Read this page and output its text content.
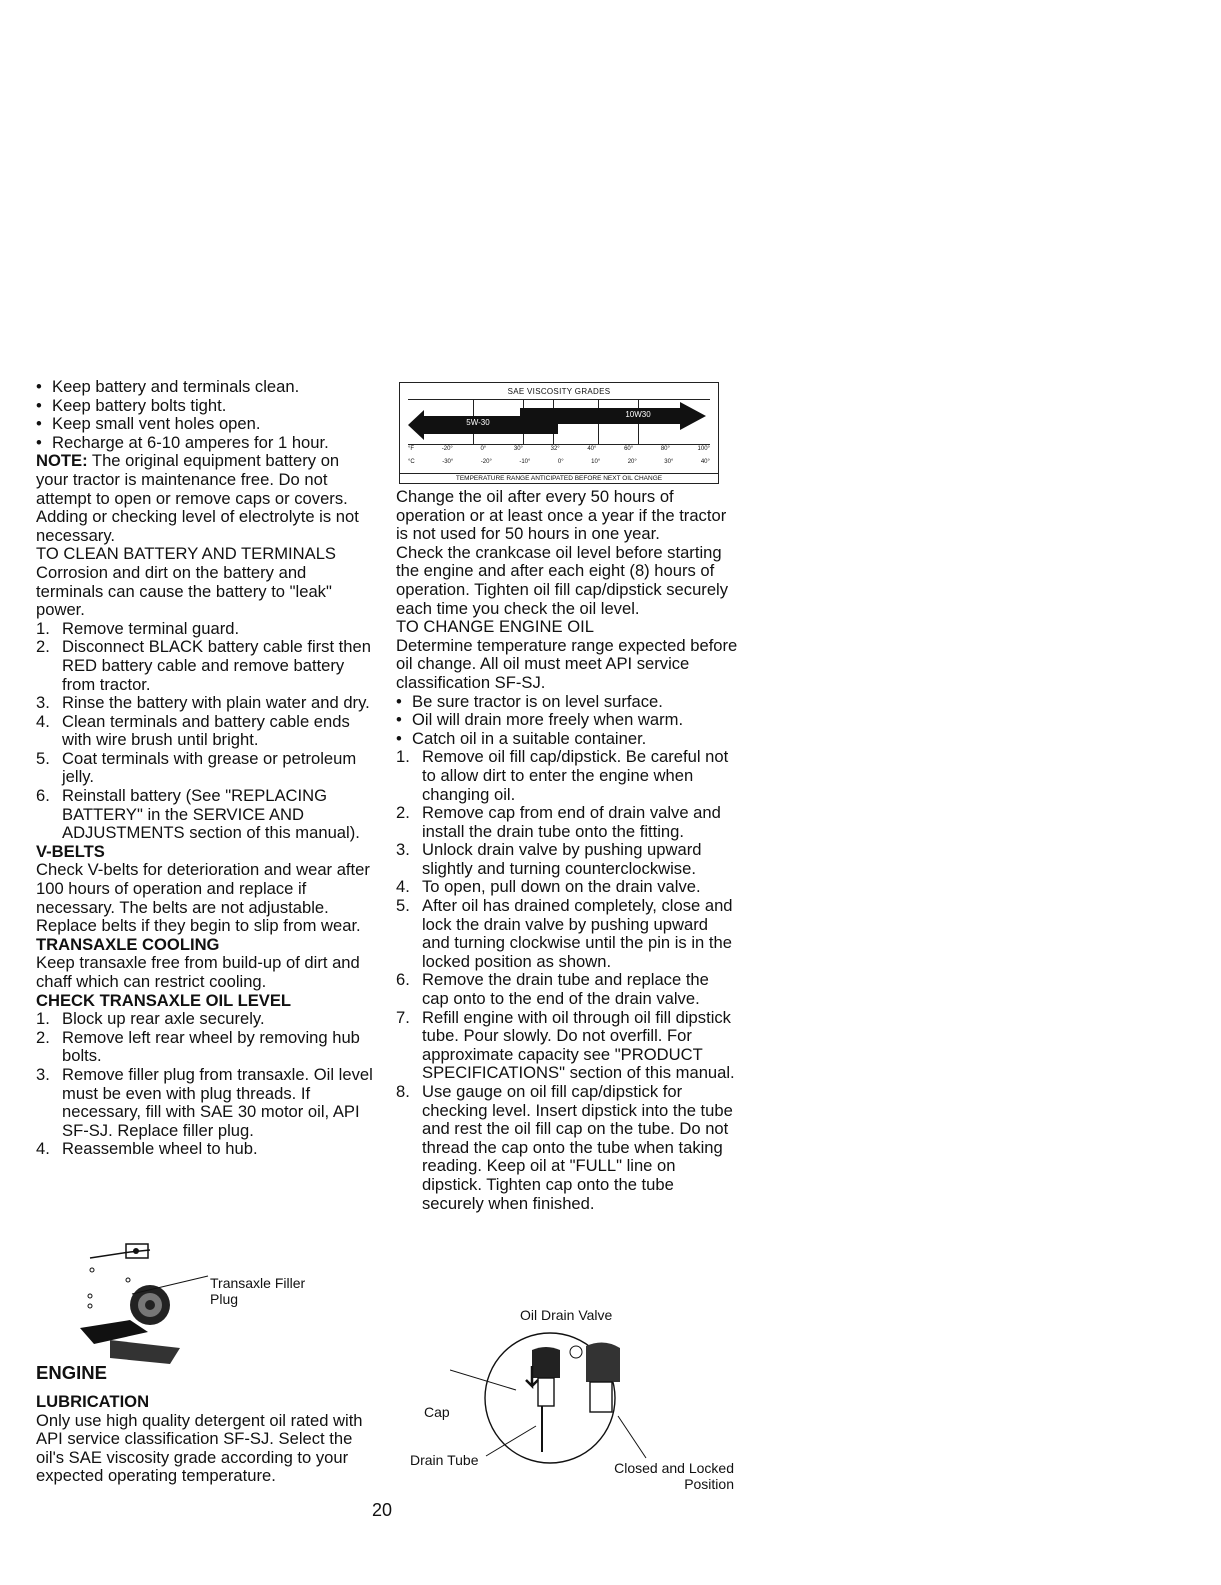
• Keep battery and terminals clean.
• Keep battery bolts tight.
• Keep small vent holes open.
• Recharge at 6-10 amperes for 1 hour.
NOTE: The original equipment battery on your tractor is maintenance free. Do not attempt to open or remove caps or covers. Adding or checking level of electrolyte is not necessary.
TO CLEAN BATTERY AND TERMINALS
Corrosion and dirt on the battery and terminals can cause the battery to "leak" power.
1. Remove terminal guard.
2. Disconnect BLACK battery cable first then RED battery cable and remove battery from tractor.
3. Rinse the battery with plain water and dry.
4. Clean terminals and battery cable ends with wire brush until bright.
5. Coat terminals with grease or petroleum jelly.
6. Reinstall battery (See "REPLACING BATTERY" in the SERVICE AND ADJUSTMENTS section of this manual).
V-BELTS
Check V-belts for deterioration and wear after 100 hours of operation and replace if necessary. The belts are not adjustable. Replace belts if they begin to slip from wear.
TRANSAXLE COOLING
Keep transaxle free from build-up of dirt and chaff which can restrict cooling.
CHECK TRANSAXLE OIL LEVEL
1. Block up rear axle securely.
2. Remove left rear wheel by removing hub bolts.
3. Remove filler plug from transaxle. Oil level must be even with plug threads. If necessary, fill with SAE 30 motor oil, API SF-SJ. Replace filler plug.
4. Reassemble wheel to hub.
Transaxle Filler Plug
ENGINE
LUBRICATION
Only use high quality detergent oil rated with API service classification SF-SJ. Select the oil's SAE viscosity grade according to your expected operating temperature.
SAE VISCOSITY GRADES
5W-30
10W30
°F	-20°	0°	30°	32°	40°	60°	80°	100°
°C	-30°	-20°	-10°	0°	10°	20°	30°	40°
TEMPERATURE RANGE ANTICIPATED BEFORE NEXT OIL CHANGE
Change the oil after every 50 hours of operation or at least once a year if the tractor is not used for 50 hours in one year.
Check the crankcase oil level before starting the engine and after each eight (8) hours of operation. Tighten oil fill cap/dipstick securely each time you check the oil level.
TO CHANGE ENGINE OIL
Determine temperature range expected before oil change. All oil must meet API service classification SF-SJ.
• Be sure tractor is on level surface.
• Oil will drain more freely when warm.
• Catch oil in a suitable container.
1. Remove oil fill cap/dipstick. Be careful not to allow dirt to enter the engine when changing oil.
2. Remove cap from end of drain valve and install the drain tube onto the fitting.
3. Unlock drain valve by pushing upward slightly and turning counterclockwise.
4. To open, pull down on the drain valve.
5. After oil has drained completely, close and lock the drain valve by pushing upward and turning clockwise until the pin is in the locked position as shown.
6. Remove the drain tube and replace the cap onto to the end of the drain valve.
7. Refill engine with oil through oil fill dipstick tube. Pour slowly. Do not overfill. For approximate capacity see "PRODUCT SPECIFICATIONS" section of this manual.
8. Use gauge on oil fill cap/dipstick for checking level. Insert dipstick into the tube and rest the oil fill cap on the tube. Do not thread the cap onto the tube when taking reading. Keep oil at "FULL" line on dipstick. Tighten cap onto the tube securely when finished.
Oil Drain Valve
Cap
Drain Tube	Closed and Locked Position
20
